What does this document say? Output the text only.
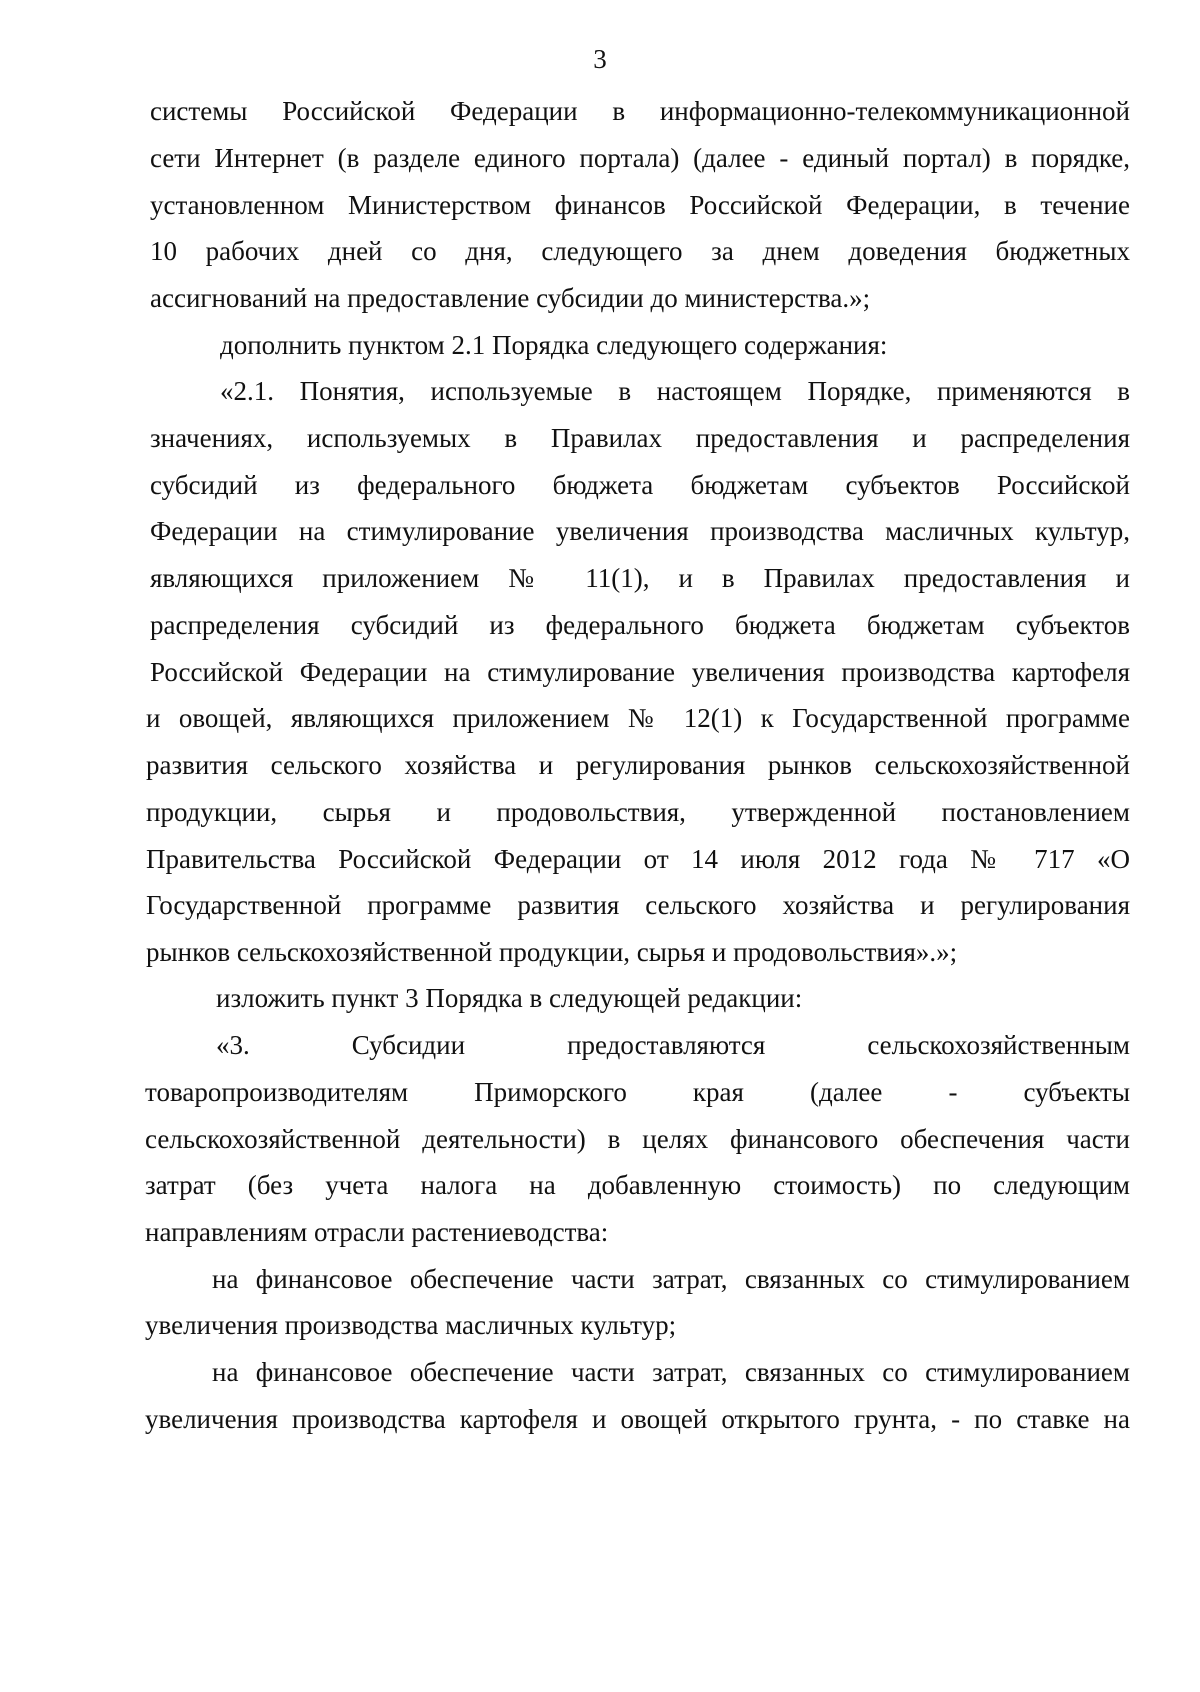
3
системы Российской Федерации в информационно-телекоммуникационной
сети Интернет (в разделе единого портала) (далее - единый портал) в порядке,
установленном Министерством финансов Российской Федерации, в течение
10 рабочих дней со дня, следующего за днем доведения бюджетных
ассигнований на предоставление субсидии до министерства.»;
дополнить пунктом 2.1 Порядка следующего содержания:
«2.1. Понятия, используемые в настоящем Порядке, применяются в
значениях, используемых в Правилах предоставления и распределения
субсидий из федерального бюджета бюджетам субъектов Российской
Федерации на стимулирование увеличения производства масличных культур,
являющихся приложением № 11(1), и в Правилах предоставления и
распределения субсидий из федерального бюджета бюджетам субъектов
Российской Федерации на стимулирование увеличения производства картофеля
и овощей, являющихся приложением № 12(1) к Государственной программе
развития сельского хозяйства и регулирования рынков сельскохозяйственной
продукции, сырья и продовольствия, утвержденной постановлением
Правительства Российской Федерации от 14 июля 2012 года № 717 «О
Государственной программе развития сельского хозяйства и регулирования
рынков сельскохозяйственной продукции, сырья и продовольствия».»;
изложить пункт 3 Порядка в следующей редакции:
«3. Субсидии предоставляются сельскохозяйственным
товаропроизводителям Приморского края (далее - субъекты
сельскохозяйственной деятельности) в целях финансового обеспечения части
затрат (без учета налога на добавленную стоимость) по следующим
направлениям отрасли растениеводства:
на финансовое обеспечение части затрат, связанных со стимулированием
увеличения производства масличных культур;
на финансовое обеспечение части затрат, связанных со стимулированием
увеличения производства картофеля и овощей открытого грунта, - по ставке на
